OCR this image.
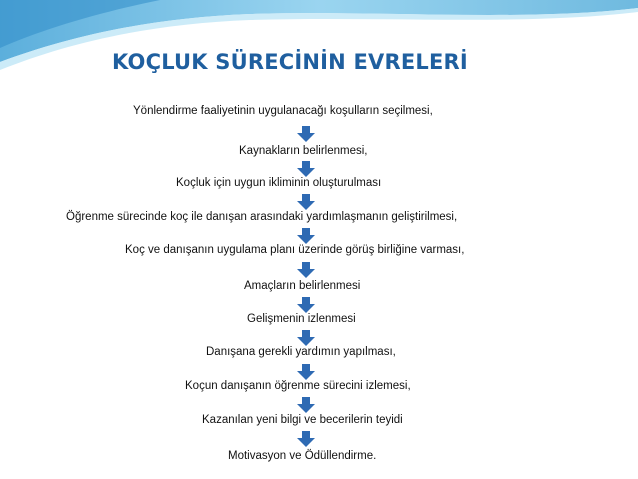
KOÇLUK SÜRECİNİN EVRELERİ
Yönlendirme faaliyetinin uygulanacağı koşulların seçilmesi,
Kaynakların belirlenmesi,
Koçluk için uygun ikliminin oluşturulması
Öğrenme sürecinde koç ile danışan arasındaki yardımlaşmanın geliştirilmesi,
Koç ve danışanın uygulama planı üzerinde görüş birliğine varması,
Amaçların belirlenmesi
Gelişmenin izlenmesi
Danışana gerekli yardımın yapılması,
Koçun danışanın öğrenme sürecini izlemesi,
Kazanılan yeni bilgi ve becerilerin teyidi
Motivasyon ve Ödüllendirme.
